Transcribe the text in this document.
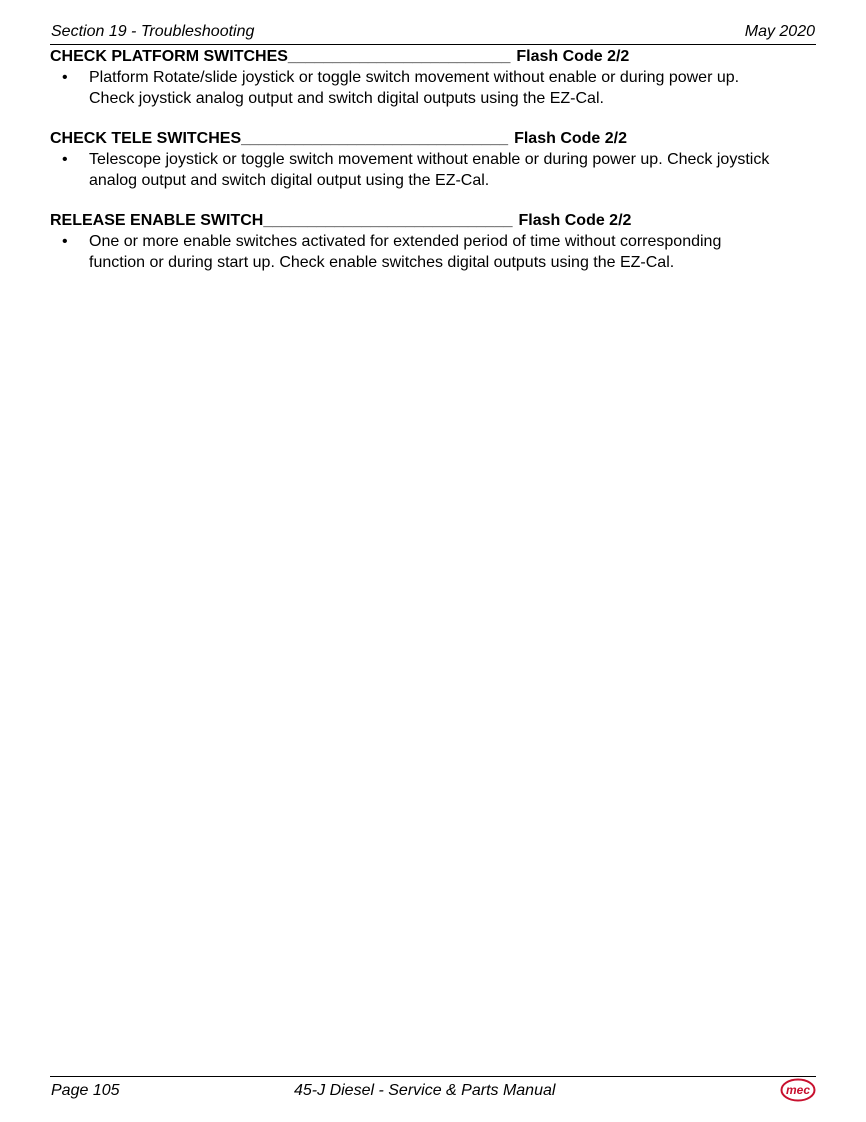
Section 19 - Troubleshooting	May 2020
CHECK PLATFORM SWITCHES_________________________ Flash Code 2/2
• Platform Rotate/slide joystick or toggle switch movement without enable or during power up.
Check joystick analog output and switch digital outputs using the EZ-Cal.
CHECK TELE SWITCHES______________________________ Flash Code 2/2
• Telescope joystick or toggle switch movement without enable or during power up. Check joystick
analog output and switch digital output using the EZ-Cal.
RELEASE ENABLE SWITCH____________________________ Flash Code 2/2
• One or more enable switches activated for extended period of time without corresponding
function or during start up. Check enable switches digital outputs using the EZ-Cal.
Page 105	45-J Diesel - Service & Parts Manual	mec
